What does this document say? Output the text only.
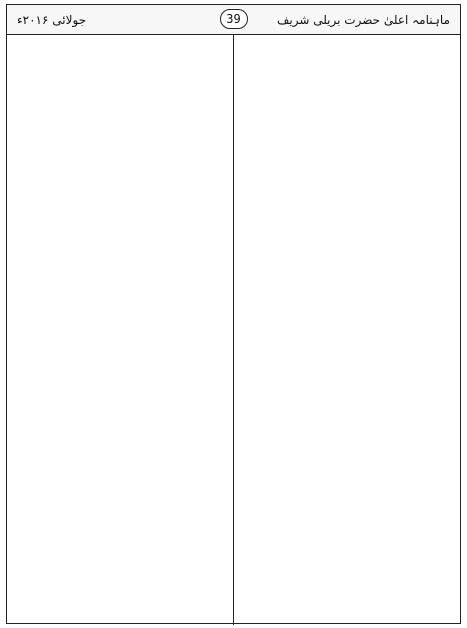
ماہنامہ اعلیٰ حضرت بریلی شریف
جولائی ۲۰۱۶ء	39
